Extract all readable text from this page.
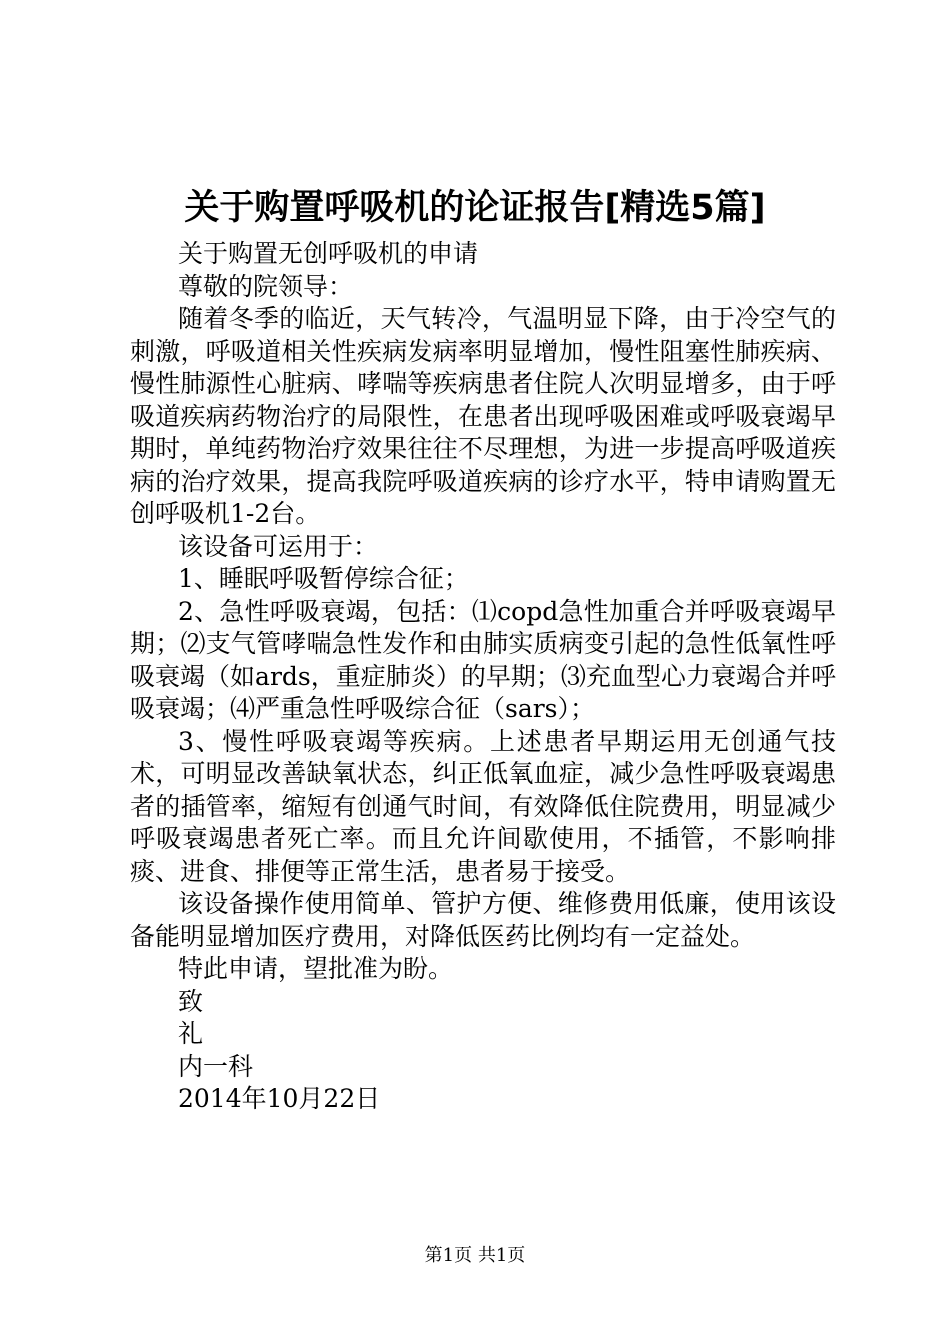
关于购置呼吸机的论证报告[精选5篇]

关于购置无创呼吸机的申请

尊敬的院领导：

随着冬季的临近，天气转冷，气温明显下降，由于冷空气的刺激，呼吸道相关性疾病发病率明显增加，慢性阻塞性肺疾病、慢性肺源性心脏病、哮喘等疾病患者住院人次明显增多，由于呼吸道疾病药物治疗的局限性，在患者出现呼吸困难或呼吸衰竭早期时，单纯药物治疗效果往往不尽理想，为进一步提高呼吸道疾病的治疗效果，提高我院呼吸道疾病的诊疗水平，特申请购置无创呼吸机1-2台。

该设备可运用于：

1、睡眠呼吸暂停综合征；

2、急性呼吸衰竭，包括：⑴copd急性加重合并呼吸衰竭早期；⑵支气管哮喘急性发作和由肺实质病变引起的急性低氧性呼吸衰竭（如ards，重症肺炎）的早期；⑶充血型心力衰竭合并呼吸衰竭；⑷严重急性呼吸综合征（sars）；

3、慢性呼吸衰竭等疾病。上述患者早期运用无创通气技术，可明显改善缺氧状态，纠正低氧血症，减少急性呼吸衰竭患者的插管率，缩短有创通气时间，有效降低住院费用，明显减少呼吸衰竭患者死亡率。而且允许间歇使用，不插管，不影响排痰、进食、排便等正常生活，患者易于接受。

该设备操作使用简单、管护方便、维修费用低廉，使用该设备能明显增加医疗费用，对降低医药比例均有一定益处。

特此申请，望批准为盼。

致

礼

内一科

2014年10月22日

第1页 共1页
